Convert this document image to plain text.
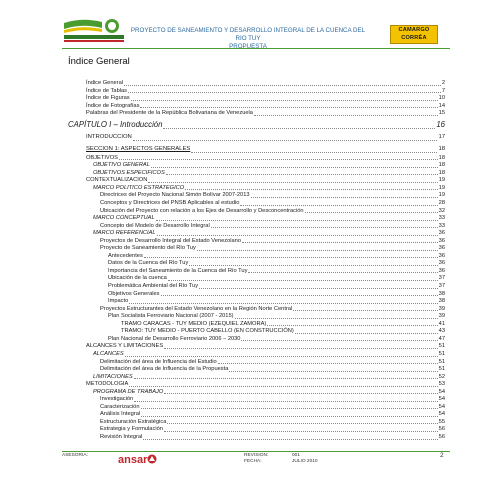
PROYECTO DE SANEAMIENTO Y DESARROLLO INTEGRAL DE LA CUENCA DEL RIO TUY
PROPUESTA
CAMARGO
CORRÊA
Índice General
Índice General	2
Índice de Tablas	7
Índice de Figuras	10
Índice de Fotografías	14
Palabras del Presidente de la República Bolivariana de Venezuela	15
CAPÍTULO I – Introducción	16
INTRODUCCION	17
SECCION 1: ASPECTOS GENERALES	18
OBJETIVOS	18
OBJETIVO GENERAL	18
OBJETIVOS ESPECIFICOS	18
CONTEXTUALIZACION	19
MARCO POLITICO ESTRATEGICO	19
Directrices del Proyecto Nacional Simón Bolívar 2007-2013	19
Conceptos y Directrices del PNSB Aplicables al estudio	28
Ubicación del Proyecto con relación a los Ejes de Desarrollo y Desconcentración	32
MARCO CONCEPTUAL	33
Concepto del Modelo de Desarrollo Integral	33
MARCO REFERENCIAL	36
Proyectos de Desarrollo Integral del Estado Venezolano	36
Proyecto de Saneamiento del Río Tuy	36
Antecedentes	36
Datos de la Cuenca del Río Tuy	36
Importancia del Saneamiento de la Cuenca del Río Tuy	36
Ubicación de la cuenca	37
Problemática Ambiental del Río Tuy	37
Objetivos Generales	38
Impacto	38
Proyectos Estructurantes del Estado Venezolano en la Región Norte Central	39
Plan Socialista Ferroviario Nacional (2007 - 2015)	39
TRAMO CARACAS - TUY MEDIO (EZEQUIEL ZAMORA)	41
TRAMO: TUY MEDIO - PUERTO CABELLO (EN CONSTRUCCIÓN)	43
Plan Nacional de Desarrollo Ferroviario 2006 – 2030	47
ALCANCES Y LIMITACIONES	51
ALCANCES	51
Delimitación del área de Influencia del Estudio	51
Delimitación del área de Influencia de la Propuesta	51
LIMITACIONES	52
METODOLOGIA	53
PROGRAMA DE TRABAJO	54
Investigación	54
Caracterización	54
Análisis Integral	54
Estructuración Estratégica	55
Estrategia y Formulación	56
Revisión Integral	56
ASESORIA:	ansar	REVISION:	001
FECHA:	JULIO 2010
2
